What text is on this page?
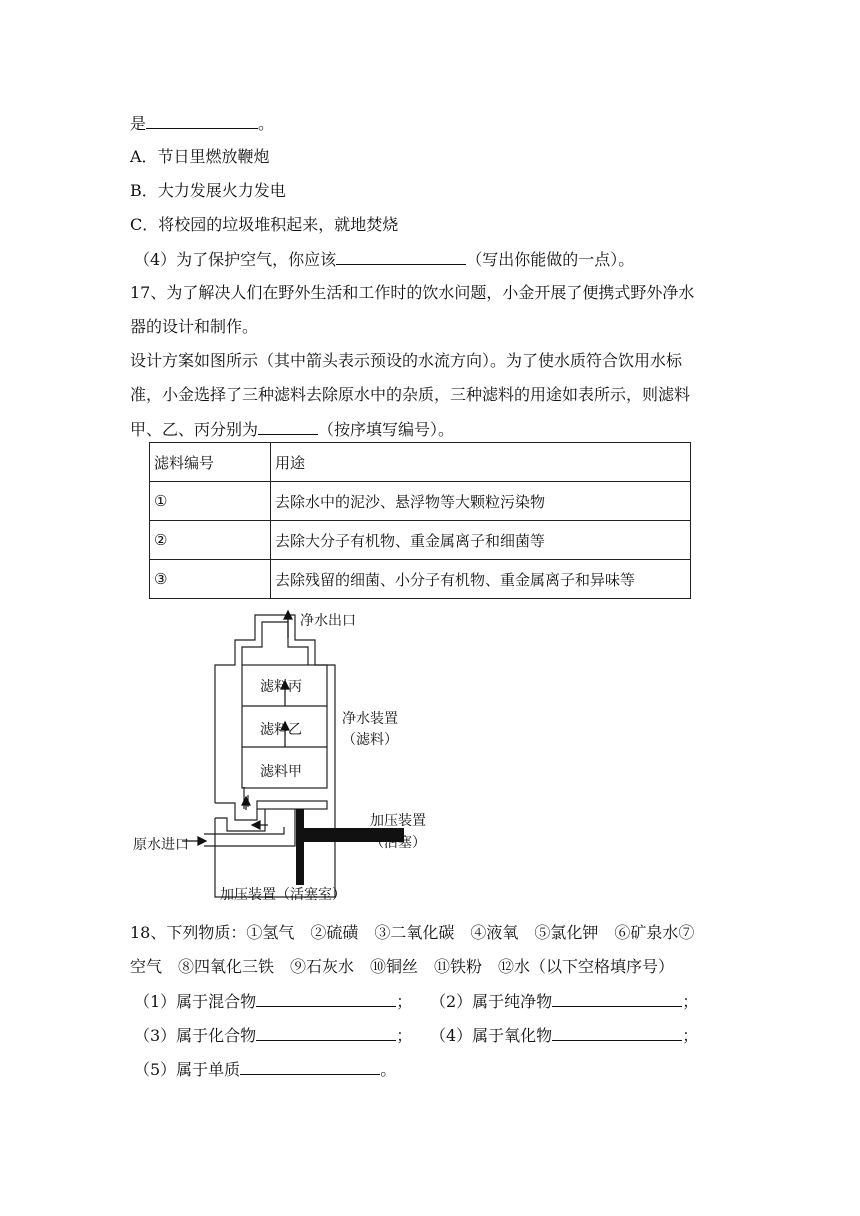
是	。
A．节日里燃放鞭炮
B．大力发展火力发电
C．将校园的垃圾堆积起来，就地焚烧
（4）为了保护空气，你应该	（写出你能做的一点）。
17、为了解决人们在野外生活和工作时的饮水问题，小金开展了便携式野外净水
器的设计和制作。
设计方案如图所示（其中箭头表示预设的水流方向）。为了使水质符合饮用水标
准，小金选择了三种滤料去除原水中的杂质，三种滤料的用途如表所示，则滤料
甲、乙、丙分别为	（按序填写编号）。
滤料编号	用途
①	去除水中的泥沙、悬浮物等大颗粒污染物
②	去除大分子有机物、重金属离子和细菌等
③	去除残留的细菌、小分子有机物、重金属离子和异味等
净水出口
滤料丙
滤料乙
滤料甲
净水装置
（滤料）
加压装置
（活塞）
原水进口
加压装置（活塞室）
18、下列物质：①氢气　②硫磺　③二氧化碳　④液氧　⑤氯化钾　⑥矿泉水⑦
空气　⑧四氧化三铁　⑨石灰水　⑩铜丝　⑪铁粉　⑫水（以下空格填序号）
（1）属于混合物	； （2）属于纯净物	；
（3）属于化合物	； （4）属于氧化物	；
（5）属于单质	。
